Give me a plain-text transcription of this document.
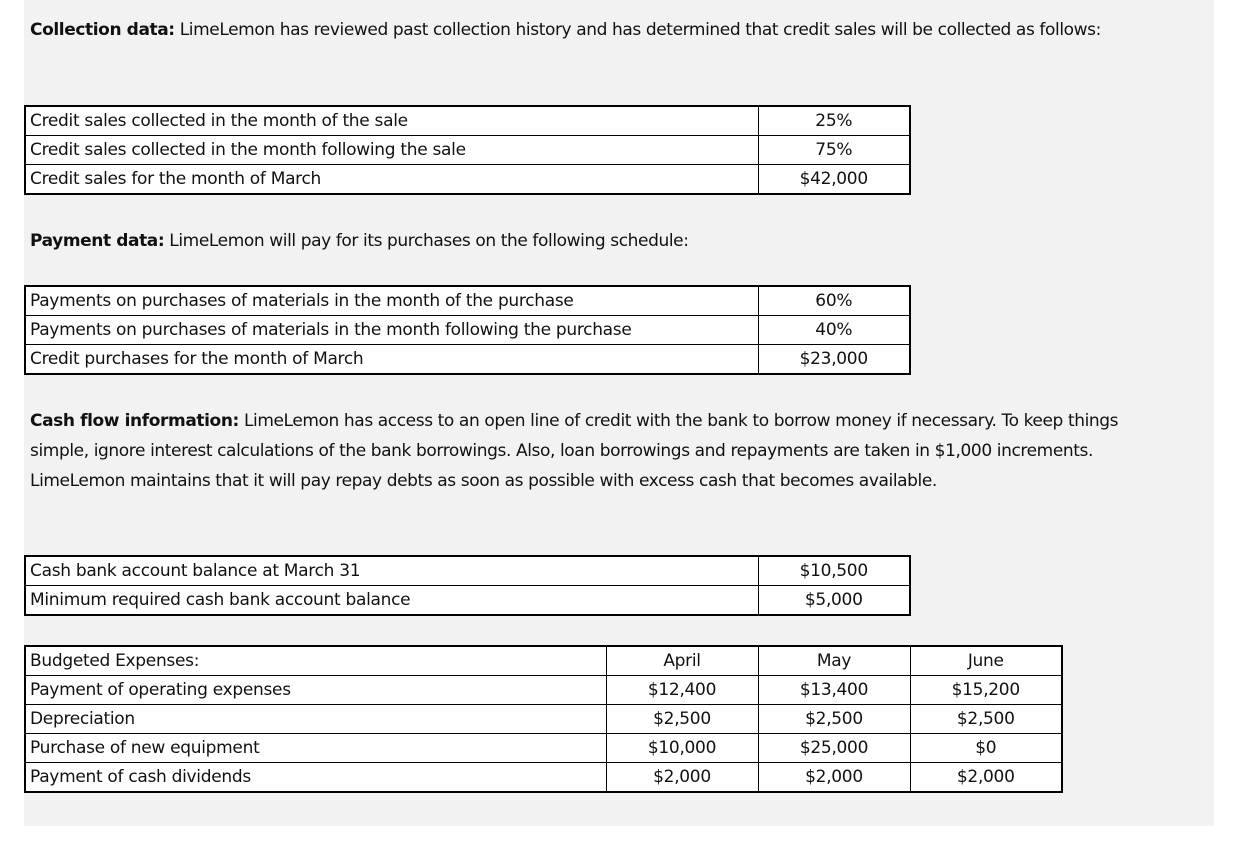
Collection data: LimeLemon has reviewed past collection history and has determined that credit sales will be collected as follows:
Credit sales collected in the month of the sale	25%
Credit sales collected in the month following the sale	75%
Credit sales for the month of March	$42,000
Payment data: LimeLemon will pay for its purchases on the following schedule:
Payments on purchases of materials in the month of the purchase	60%
Payments on purchases of materials in the month following the purchase	40%
Credit purchases for the month of March	$23,000
Cash flow information: LimeLemon has access to an open line of credit with the bank to borrow money if necessary. To keep things
simple, ignore interest calculations of the bank borrowings. Also, loan borrowings and repayments are taken in $1,000 increments.
LimeLemon maintains that it will pay repay debts as soon as possible with excess cash that becomes available.
Cash bank account balance at March 31	$10,500
Minimum required cash bank account balance	$5,000
Budgeted Expenses:	April	May	June
Payment of operating expenses	$12,400	$13,400	$15,200
Depreciation	$2,500	$2,500	$2,500
Purchase of new equipment	$10,000	$25,000	$0
Payment of cash dividends	$2,000	$2,000	$2,000
